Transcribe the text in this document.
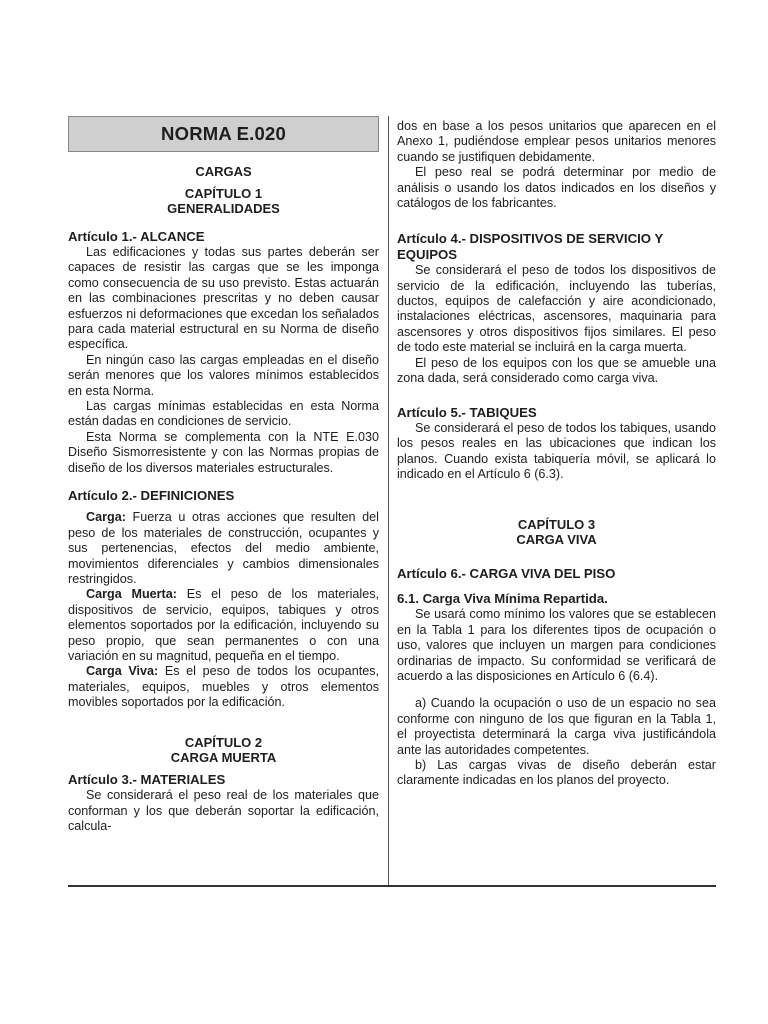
NORMA E.020
CARGAS
CAPÍTULO 1
GENERALIDADES
Artículo 1.- ALCANCE

Las edificaciones y todas sus partes deberán ser capaces de resistir las cargas que se les imponga como consecuencia de su uso previsto. Estas actuarán en las combinaciones prescritas y no deben causar esfuerzos ni deformaciones que excedan los señalados para cada material estructural en su Norma de diseño específica.

En ningún caso las cargas empleadas en el diseño serán menores que los valores mínimos establecidos en esta Norma.

Las cargas mínimas establecidas en esta Norma están dadas en condiciones de servicio.

Esta Norma se complementa con la NTE E.030 Diseño Sismorresistente y con las Normas propias de diseño de los diversos materiales estructurales.

Artículo 2.- DEFINICIONES

Carga: Fuerza u otras acciones que resulten del peso de los materiales de construcción, ocupantes y sus pertenencias, efectos del medio ambiente, movimientos diferenciales y cambios dimensionales restringidos.

Carga Muerta: Es el peso de los materiales, dispositivos de servicio, equipos, tabiques y otros elementos soportados por la edificación, incluyendo su peso propio, que sean permanentes o con una variación en su magnitud, pequeña en el tiempo.

Carga Viva: Es el peso de todos los ocupantes, materiales, equipos, muebles y otros elementos movibles soportados por la edificación.

CAPÍTULO 2
CARGA MUERTA
Artículo 3.- MATERIALES

Se considerará el peso real de los materiales que conforman y los que deberán soportar la edificación, calcula-

dos en base a los pesos unitarios que aparecen en el Anexo 1, pudiéndose emplear pesos unitarios menores cuando se justifiquen debidamente.

El peso real se podrá determinar por medio de análisis o usando los datos indicados en los diseños y catálogos de los fabricantes.

Artículo 4.- DISPOSITIVOS DE SERVICIO Y EQUIPOS

Se considerará el peso de todos los dispositivos de servicio de la edificación, incluyendo las tuberías, ductos, equipos de calefacción y aire acondicionado, instalaciones eléctricas, ascensores, maquinaria para ascensores y otros dispositivos fijos similares. El peso de todo este material se incluirá en la carga muerta.

El peso de los equipos con los que se amueble una zona dada, será considerado como carga viva.

Artículo 5.- TABIQUES

Se considerará el peso de todos los tabiques, usando los pesos reales en las ubicaciones que indican los planos. Cuando exista tabiquería móvil, se aplicará lo indicado en el Artículo 6 (6.3).

CAPÍTULO 3
CARGA VIVA
Artículo 6.- CARGA VIVA DEL PISO
6.1. Carga Viva Mínima Repartida.

Se usará como mínimo los valores que se establecen en la Tabla 1 para los diferentes tipos de ocupación o uso, valores que incluyen un margen para condiciones ordinarias de impacto. Su conformidad se verificará de acuerdo a las disposiciones en Artículo 6 (6.4).

a) Cuando la ocupación o uso de un espacio no sea conforme con ninguno de los que figuran en la Tabla 1, el proyectista determinará la carga viva justificándola ante las autoridades competentes.

b) Las cargas vivas de diseño deberán estar claramente indicadas en los planos del proyecto.
